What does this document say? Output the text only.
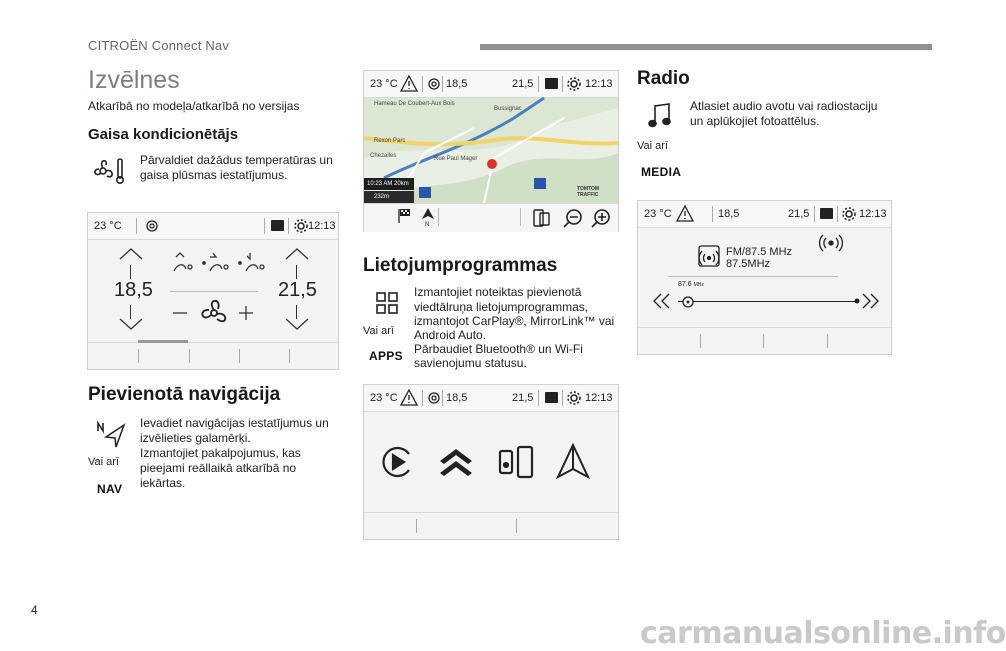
CITROËN Connect Nav
Izvēlnes
Atkarībā no modeļa/atkarībā no versijas
Gaisa kondicionētājs
Pārvaldiet dažādus temperatūras un
gaisa plūsmas iestatījumus.
23 °C	12:13
18,5	21,5
Pievienotā navigācija
Vai arī
NAV
Ievadiet navigācijas iestatījumus un
izvēlieties galamērķi.
Izmantojiet pakalpojumus, kas
pieejami reāllaikā atkarībā no
iekārtas.
23 °C	18,5	21,5	12:13
Hameau De Coubert-Aux Bois
Bussignac
Rexon Parc
Rue Paul Mager
Chezalles
10:23 AM 20km
232m
TOMTOM
TRAFFIC
N
Lietojumprogrammas
Vai arī
APPS
Izmantojiet noteiktas pievienotā
viedtālruņa lietojumprogrammas,
izmantojot CarPlay®, MirrorLink™ vai
Android Auto.
Pārbaudiet Bluetooth® un Wi-Fi
savienojumu statusu.
23 °C	18,5	21,5	12:13
Radio
Atlasiet audio avotu vai radiostaciju
un aplūkojiet fotoattēlus.
Vai arī
MEDIA
23 °C	18,5	21,5	12:13
FM/87.5 MHz
87.5MHz
87.6 MHz
4
carmanualsonline.info
